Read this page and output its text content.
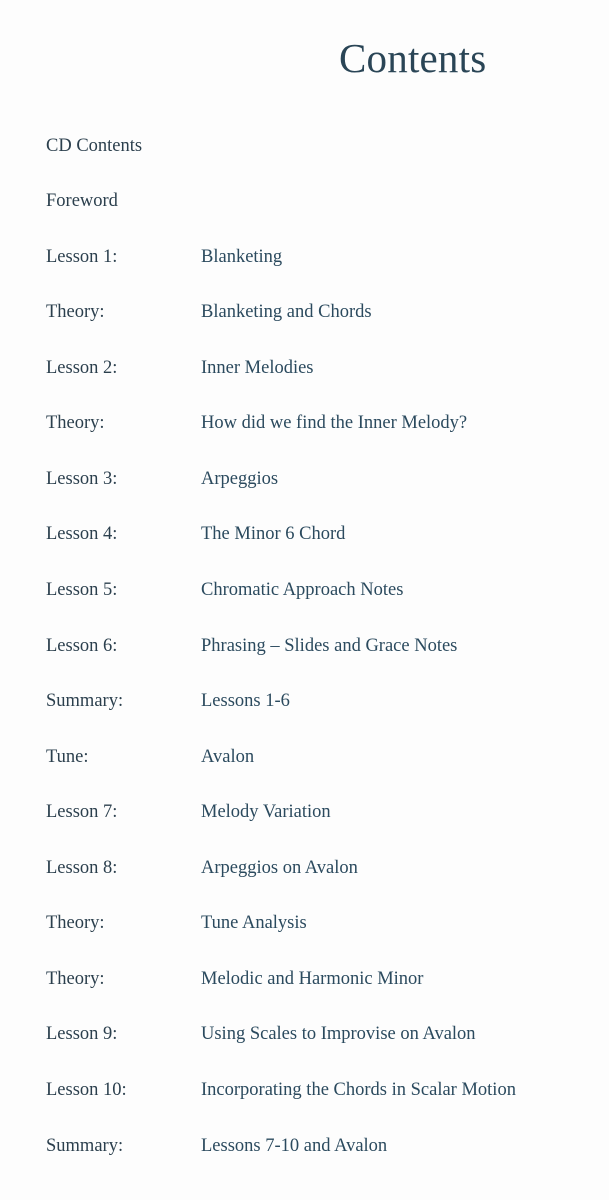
Contents
CD Contents
Foreword
Lesson 1:	Blanketing
Theory:	Blanketing and Chords
Lesson 2:	Inner Melodies
Theory:	How did we find the Inner Melody?
Lesson 3:	Arpeggios
Lesson 4:	The Minor 6 Chord
Lesson 5:	Chromatic Approach Notes
Lesson 6:	Phrasing – Slides and Grace Notes
Summary:	Lessons 1-6
Tune:	Avalon
Lesson 7:	Melody Variation
Lesson 8:	Arpeggios on Avalon
Theory:	Tune Analysis
Theory:	Melodic and Harmonic Minor
Lesson 9:	Using Scales to Improvise on Avalon
Lesson 10:	Incorporating the Chords in Scalar Motion
Summary:	Lessons 7-10 and Avalon
